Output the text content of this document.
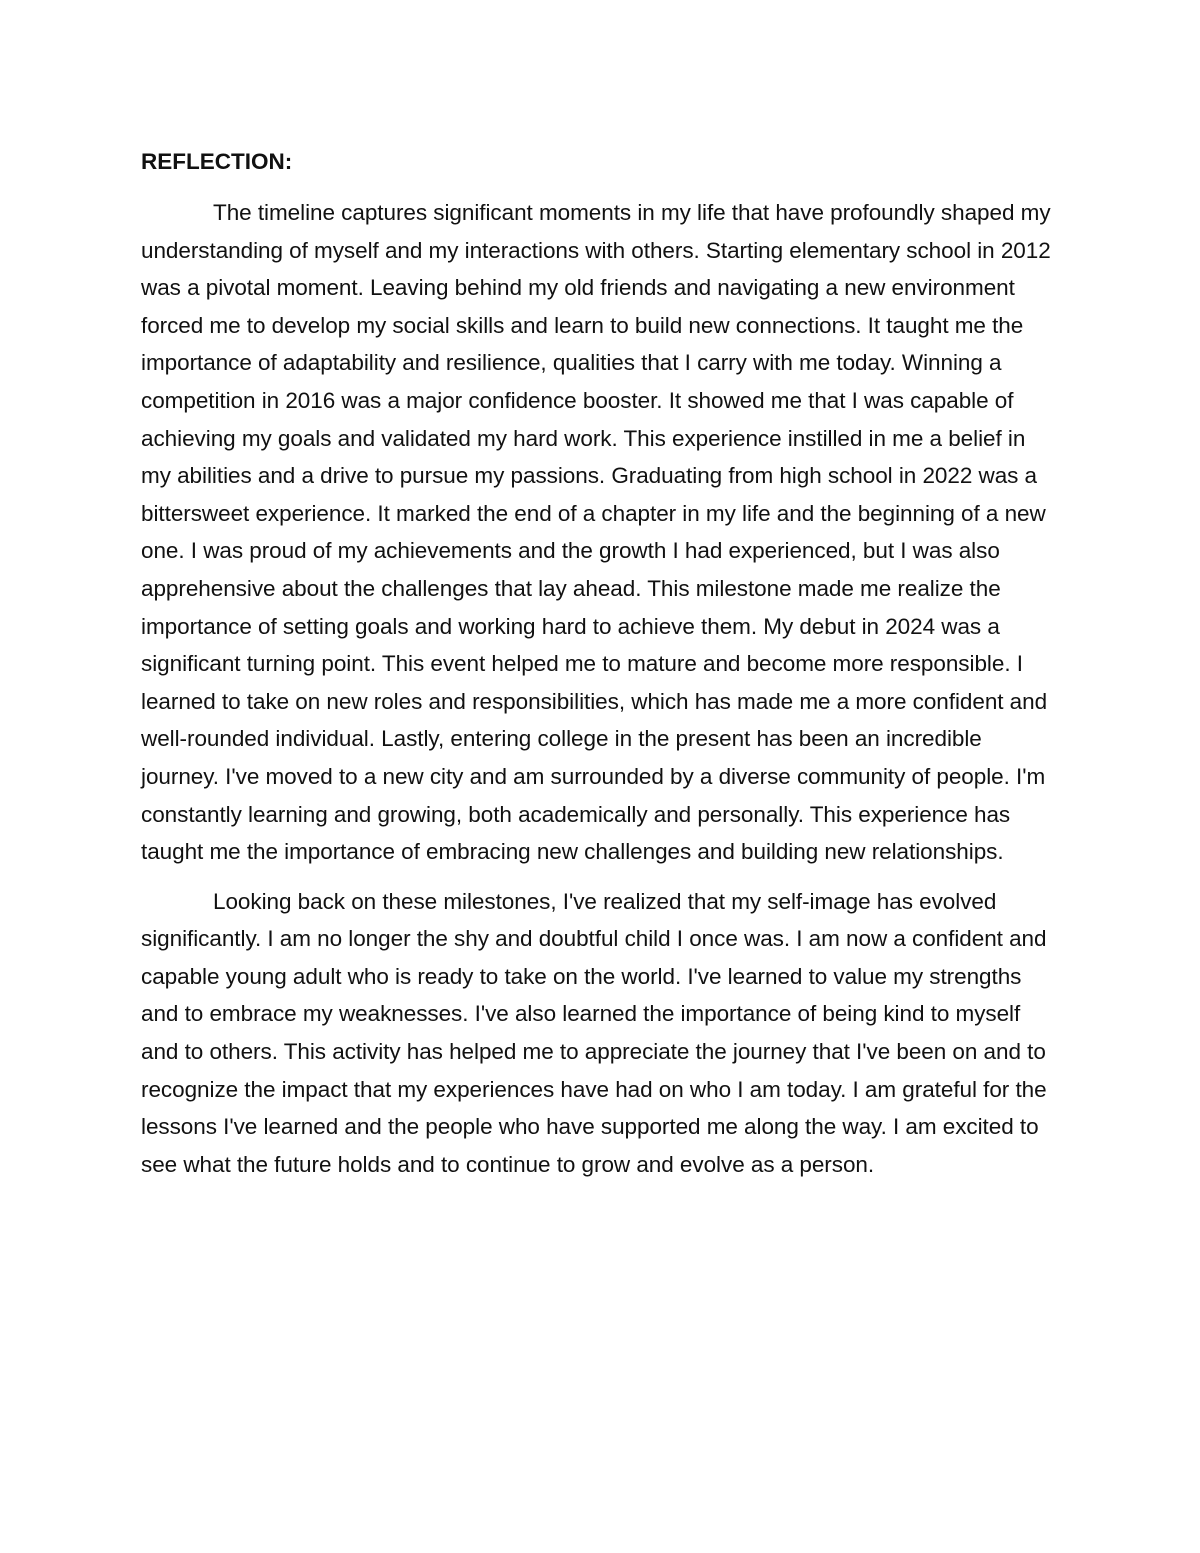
REFLECTION:

The timeline captures significant moments in my life that have profoundly shaped my understanding of myself and my interactions with others. Starting elementary school in 2012 was a pivotal moment. Leaving behind my old friends and navigating a new environment forced me to develop my social skills and learn to build new connections. It taught me the importance of adaptability and resilience, qualities that I carry with me today. Winning a competition in 2016 was a major confidence booster. It showed me that I was capable of achieving my goals and validated my hard work. This experience instilled in me a belief in my abilities and a drive to pursue my passions. Graduating from high school in 2022 was a bittersweet experience. It marked the end of a chapter in my life and the beginning of a new one. I was proud of my achievements and the growth I had experienced, but I was also apprehensive about the challenges that lay ahead. This milestone made me realize the importance of setting goals and working hard to achieve them. My debut in 2024 was a significant turning point. This event helped me to mature and become more responsible. I learned to take on new roles and responsibilities, which has made me a more confident and well-rounded individual. Lastly, entering college in the present has been an incredible journey. I've moved to a new city and am surrounded by a diverse community of people. I'm constantly learning and growing, both academically and personally. This experience has taught me the importance of embracing new challenges and building new relationships.

Looking back on these milestones, I've realized that my self-image has evolved significantly. I am no longer the shy and doubtful child I once was. I am now a confident and capable young adult who is ready to take on the world. I've learned to value my strengths and to embrace my weaknesses. I've also learned the importance of being kind to myself and to others. This activity has helped me to appreciate the journey that I've been on and to recognize the impact that my experiences have had on who I am today. I am grateful for the lessons I've learned and the people who have supported me along the way. I am excited to see what the future holds and to continue to grow and evolve as a person.
